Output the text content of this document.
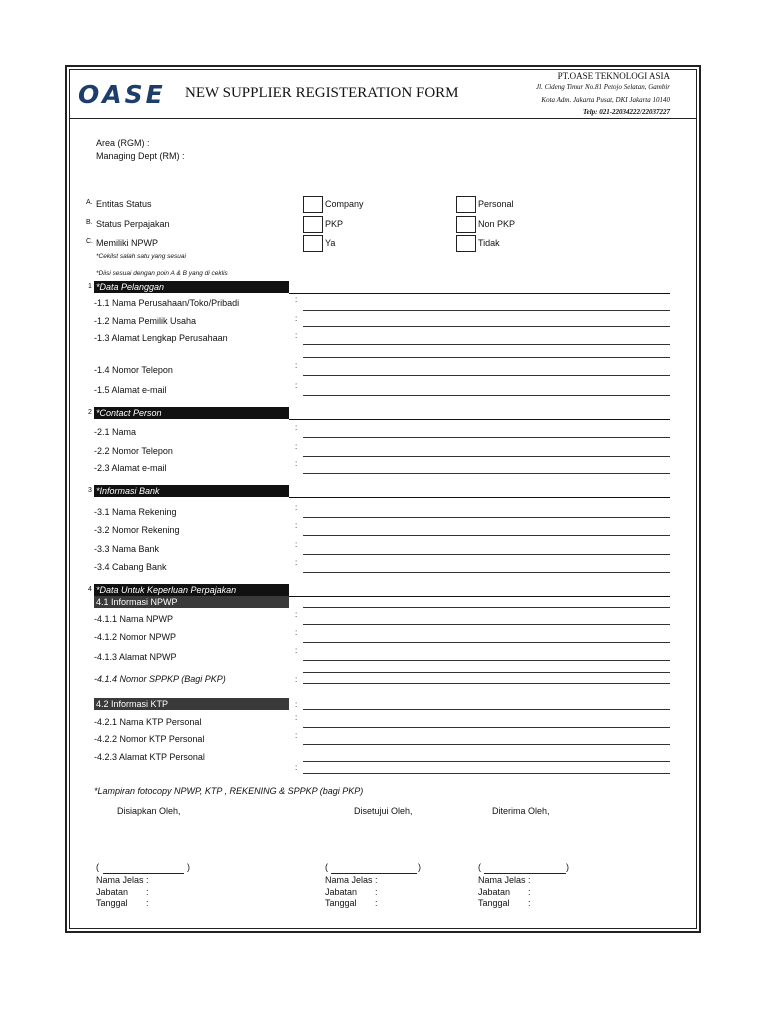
OASE NEW SUPPLIER REGISTERATION FORM
PT.OASE TEKNOLOGI ASIA
Jl. Cideng Timur No.81 Petojo Selatan, Gambir
Kota Adm. Jakarta Pusat, DKI Jakarta 10140
Telp: 021-22034222/22037227
Area (RGM) :
Managing Dept (RM) :
A. Entitas Status	Company	Personal
B. Status Perpajakan	PKP	Non PKP
C. Memiliki NPWP	Ya	Tidak
*Cekilst salah satu yang sesuai
*Diisi sesuai dengan poin A & B yang di ceklis
1 *Data Pelanggan
-1.1 Nama Perusahaan/Toko/Pribadi	:
-1.2 Nama Pemilik Usaha	:
-1.3 Alamat Lengkap Perusahaan	:
-1.4 Nomor Telepon	:
-1.5 Alamat e-mail	:
2 *Contact Person
-2.1 Nama	:
-2.2 Nomor Telepon	:
-2.3 Alamat e-mail	:
3 *Informasi Bank
-3.1 Nama Rekening	:
-3.2 Nomor Rekening	:
-3.3 Nama Bank	:
-3.4 Cabang Bank	:
4 *Data Untuk Keperluan Perpajakan
4.1 Informasi NPWP
-4.1.1 Nama NPWP	:
-4.1.2 Nomor NPWP	:
-4.1.3 Alamat NPWP
:
-4.1.4 Nomor SPPKP (Bagi PKP)	:
4.2 Informasi KTP	:
-4.2.1 Nama KTP Personal	:
-4.2.2 Nomor KTP Personal	:
-4.2.3 Alamat KTP Personal
:
*Lampiran fotocopy NPWP, KTP , REKENING & SPPKP (bagi PKP)
Disiapkan Oleh,	Disetujui Oleh,	Diterima Oleh,
(	)
Nama Jelas :
Jabatan :
Tanggal :
(	)
Nama Jelas :
Jabatan :
Tanggal :
(	)
Nama Jelas :
Jabatan :
Tanggal :
